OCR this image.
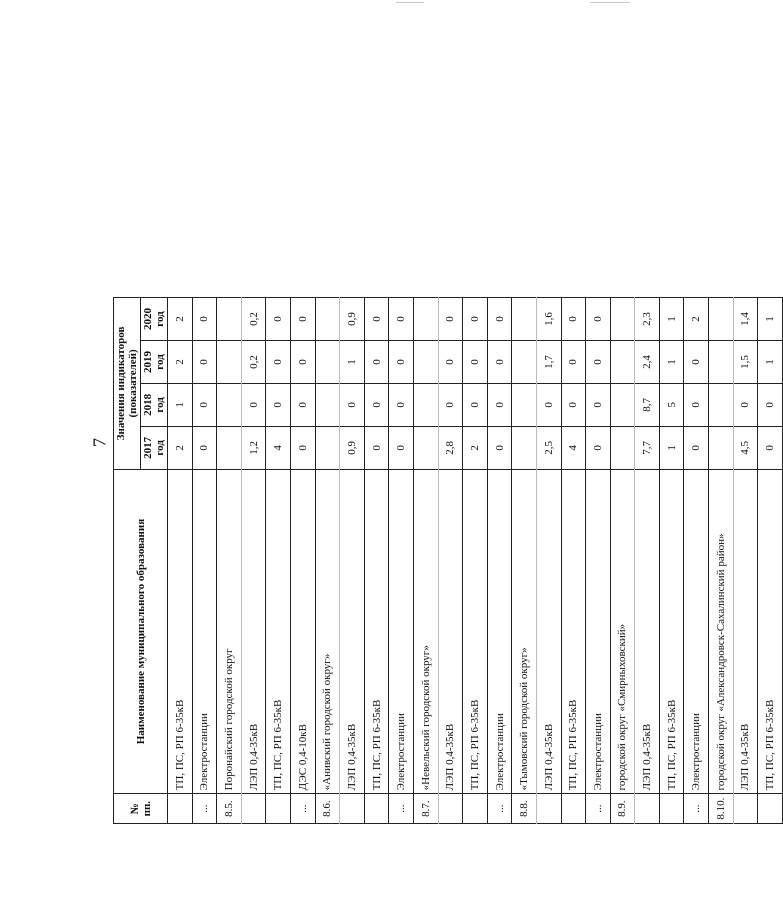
7
№
пп.	Наименование муниципального образования	Значения индикаторов (показателей)			
		2017 год	2018 год	2019 год	2020 год
	ТП, ПС, РП 6-35кВ	2	1	2	2
...	Электростанции	0	0	0	0
8.5.	Поронайский городской округ				
	ЛЭП 0,4-35кВ	1,2	0	0,2	0,2
	ТП, ПС, РП 6-35кВ	4	0	0	0
...	ДЭС 0,4-10кВ	0	0	0	0
8.6.	«Анивский городской округ»				
	ЛЭП 0,4-35кВ	0,9	0	1	0,9
	ТП, ПС, РП 6-35кВ	0	0	0	0
...	Электростанции	0	0	0	0
8.7.	«Невельский городской округ»				
	ЛЭП 0,4-35кВ	2,8	0	0	0
	ТП, ПС, РП 6-35кВ	2	0	0	0
...	Электростанции	0	0	0	0
8.8.	«Тымовский городской округ»				
	ЛЭП 0,4-35кВ	2,5	0	1,7	1,6
	ТП, ПС, РП 6-35кВ	4	0	0	0
...	Электростанции	0	0	0	0
8.9.	городской округ «Смирныховский»				
	ЛЭП 0,4-35кВ	7,7	8,7	2,4	2,3
	ТП, ПС, РП 6-35кВ	1	5	1	1
...	Электростанции	0	0	0	2
8.10.	городской округ «Александровск-Сахалинский район»				
	ЛЭП 0,4-35кВ	4,5	0	1,5	1,4
	ТП, ПС, РП 6-35кВ	0	0	1	1
